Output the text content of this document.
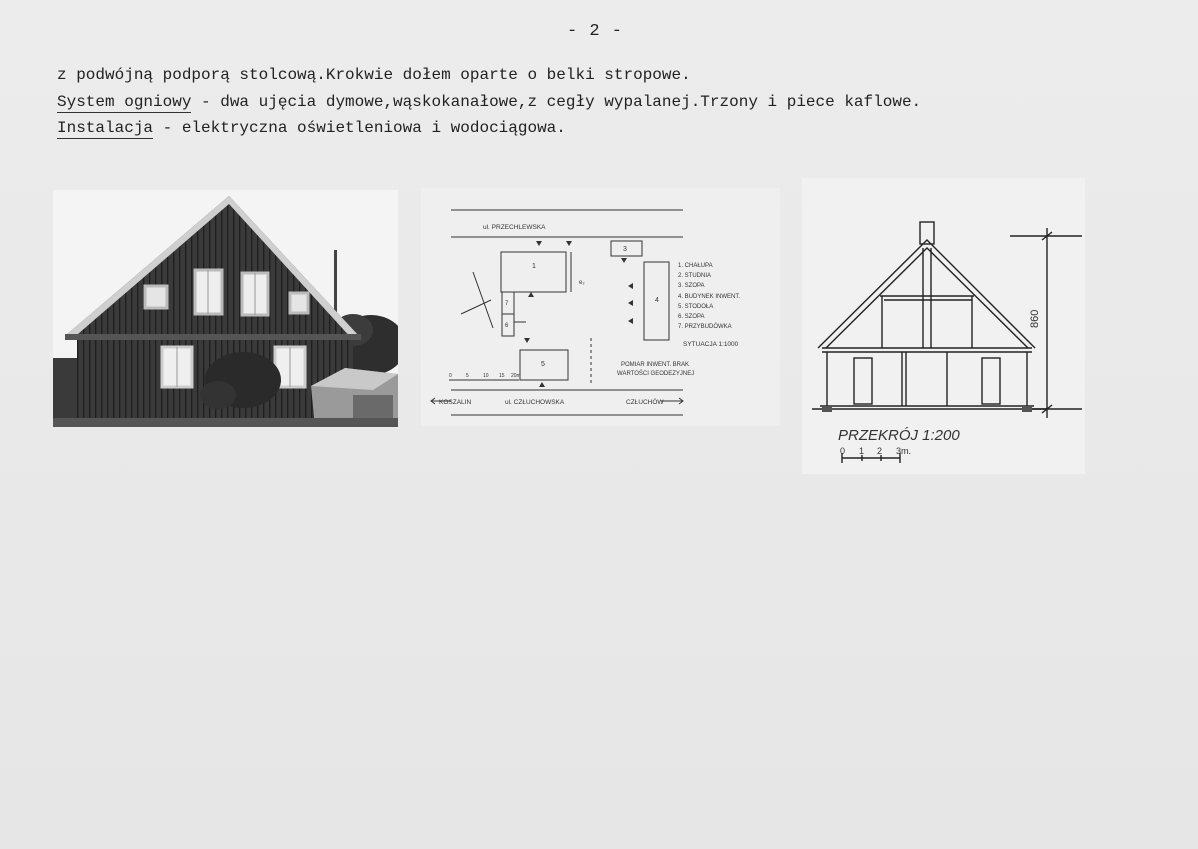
- 2 -
z podwójną podporą stolcową.Krokwie dołem oparte o belki stropowe.
System ogniowy - dwa ujęcia dymowe,wąskokanałowe,z cegły wypalanej.Trzony i piece kaflowe.
Instalacja - elektryczna oświetleniowa i wodociągowa.
ul. PRZECHLEWSKA
ul. CZŁUCHOWSKA
KOSZALIN	CZŁUCHÓW
1
3
4
5
6
7
e₂
1. CHAŁUPA
2. STUDNIA
3. SZOPA
4. BUDYNEK INWENT.
5. STODOŁA
6. SZOPA
7. PRZYBUDÓWKA
SYTUACJA 1:1000
POMIAR INWENT. BRAK
WARTOŚCI GEODEZYJNEJ
0	5	10 15 20m
860
PRZEKRÓJ 1:200
0 1 2 3m.
